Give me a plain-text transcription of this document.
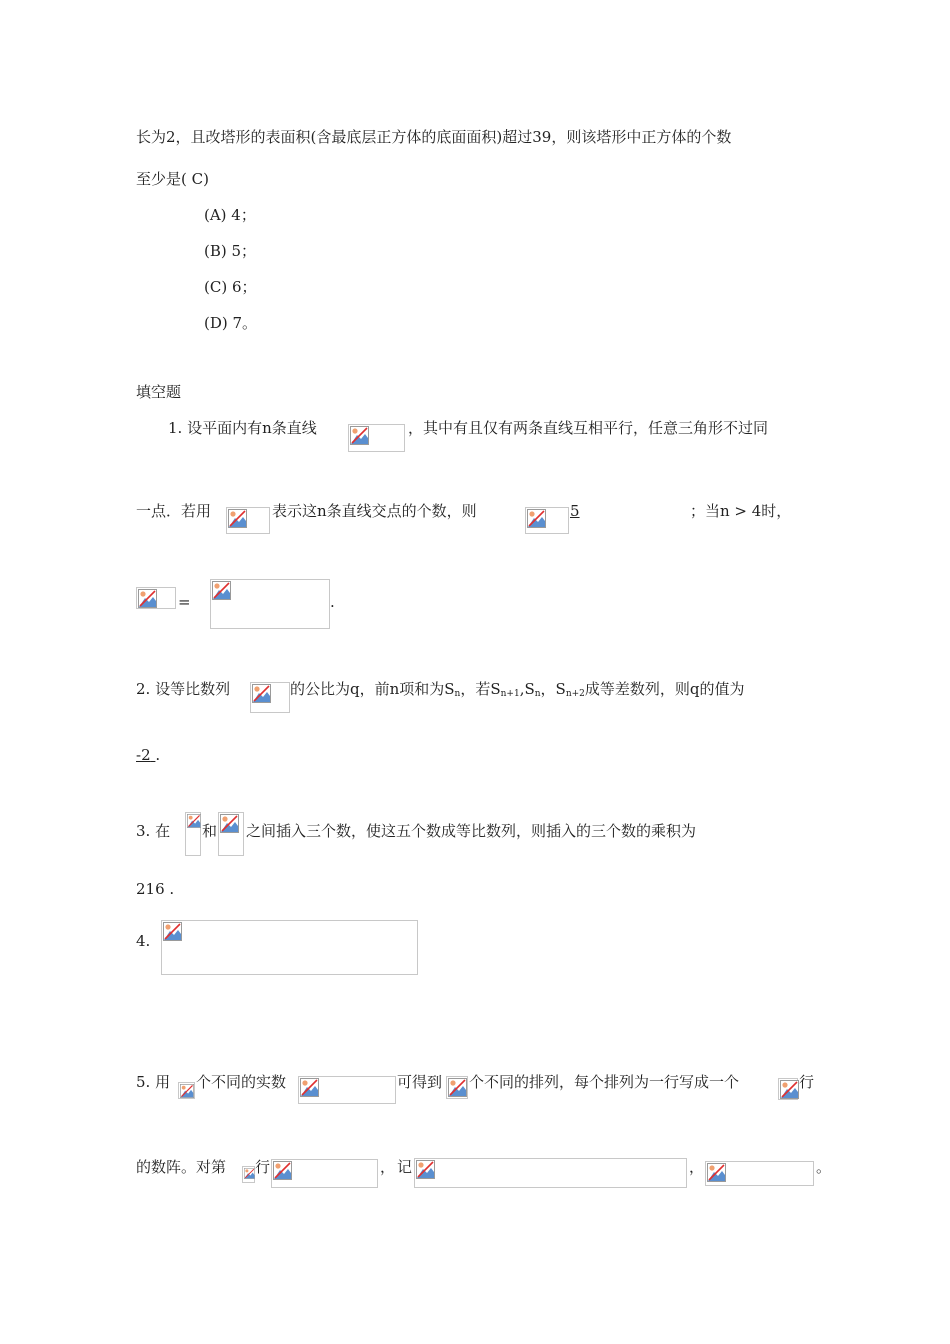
长为2，且改塔形的表面积(含最底层正方体的底面面积)超过39，则该塔形中正方体的个数
至少是( C)
(A) 4；
(B) 5；
(C) 6；
(D) 7。
填空题
1. 设平面内有n条直线	，其中有且仅有两条直线互相平行，任意三角形不过同
一点．若用	表示这n条直线交点的个数，则	5	；当n > 4时，
=	.
2. 设等比数列	的公比为q，前n项和为$S_n$，若$S_{n+1},S_n$，$S_{n+2}$成等差数列，则q的值为
-2 .
3. 在 和 之间插入三个数，使这五个数成等比数列，则插入的三个数的乘积为
216 .
4.
5. 用 个不同的实数	可得到 个不同的排列，每个排列为一行写成一个	行
的数阵。对第 行	， 记	，	。
